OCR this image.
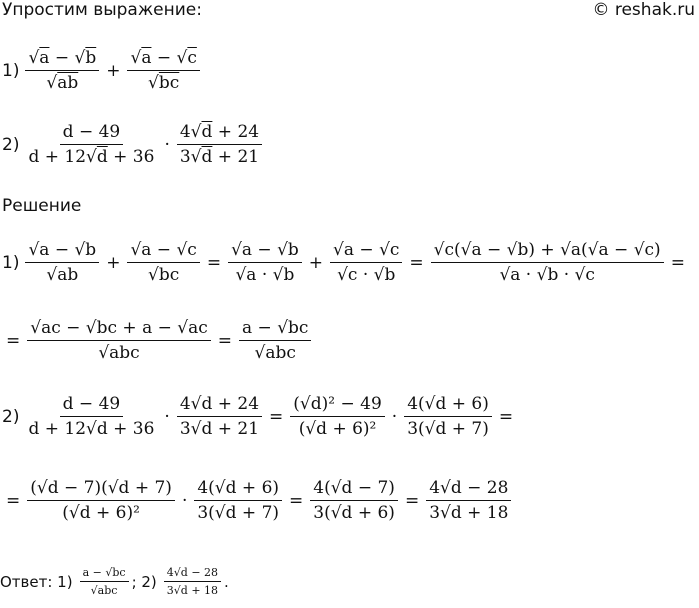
Упростим выражение:	© reshak.ru
$1) \frac{√a - √b}{√ab} + \frac{√a - √c}{√bc}$
$2) \frac{d - 49}{d + 12√d + 36} \cdot \frac{4√d + 24}{3√d + 21}$
Решение
$1) \frac{√a - √b}{√ab} + \frac{√a - √c}{√bc} = \frac{√a - √b}{√a \cdot √b} + \frac{√a - √c}{√c \cdot √b} = \frac{√c(√a - √b) + √a(√a - √c)}{√a \cdot √b \cdot √c}$ =
= $\frac{√ac - √bc + a - √ac}{\text{√abc}} = \frac{a - √bc}{\text{√abc}}$
$2) \frac{d - 49}{d + 12√d + 36} \cdot \frac{4√d + 24}{3√d + 21} = \frac{\text{(√d)² − 49}}{\text{(√d + 6)²}} \cdot \frac{4(√d + 6)}{3(√d + 7)}$ =
= $\frac{(√d - 7)(√d + 7)}{\text{(√d + 6)²}} \cdot \frac{4(√d + 6)}{3(√d + 7)} = \frac{4(√d - 7)}{3(√d + 6)} = \frac{4√d - 28}{3√d + 18}$
Ответ: $1) \frac{a - √bc}{\text{√abc}}$ ; $2) \frac{4√d - 28}{3√d + 18}$ .
